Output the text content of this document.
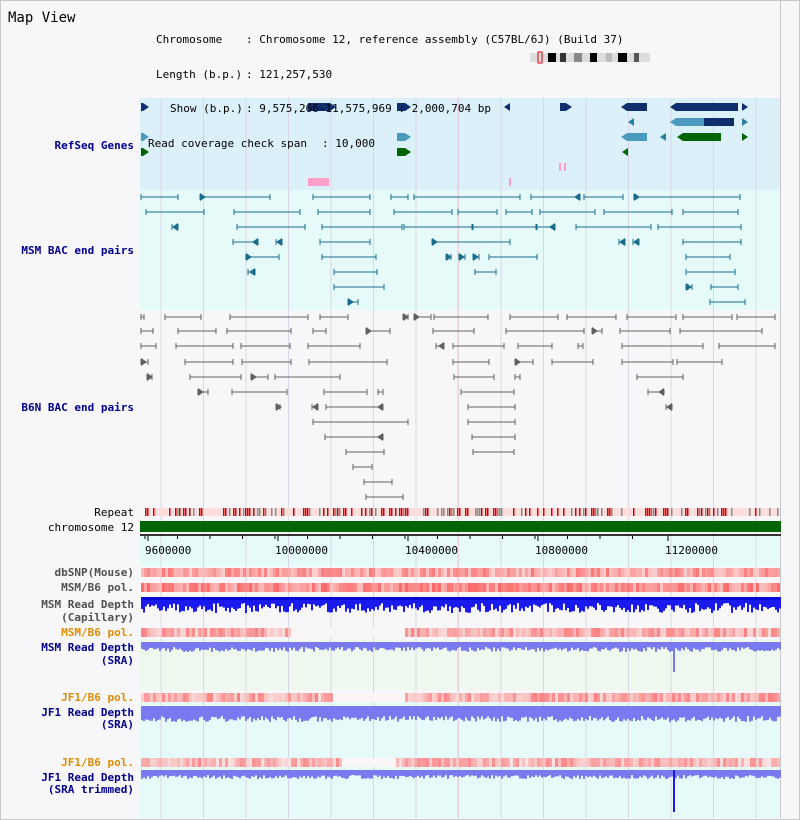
9600000	10000000	10400000	10800000	11200000
Map View

Chromosome : Chromosome 12, reference assembly (C57BL/6J) (Build 37)

Length (b.p.) : 121,257,530

Show (b.p.) : 9,575,266-11,575,969 : 2,000,704 bp

Read coverage check span : 10,000

RefSeq Genes
MSM BAC end pairs
B6N BAC end pairs
Repeat
chromosome 12
dbSNP(Mouse)
MSM/B6 pol.
MSM Read Depth
(Capillary)
MSM/B6 pol.
MSM Read Depth
(SRA)
JF1/B6 pol.
JF1 Read Depth
(SRA)
JF1/B6 pol.
JF1 Read Depth
(SRA trimmed)
